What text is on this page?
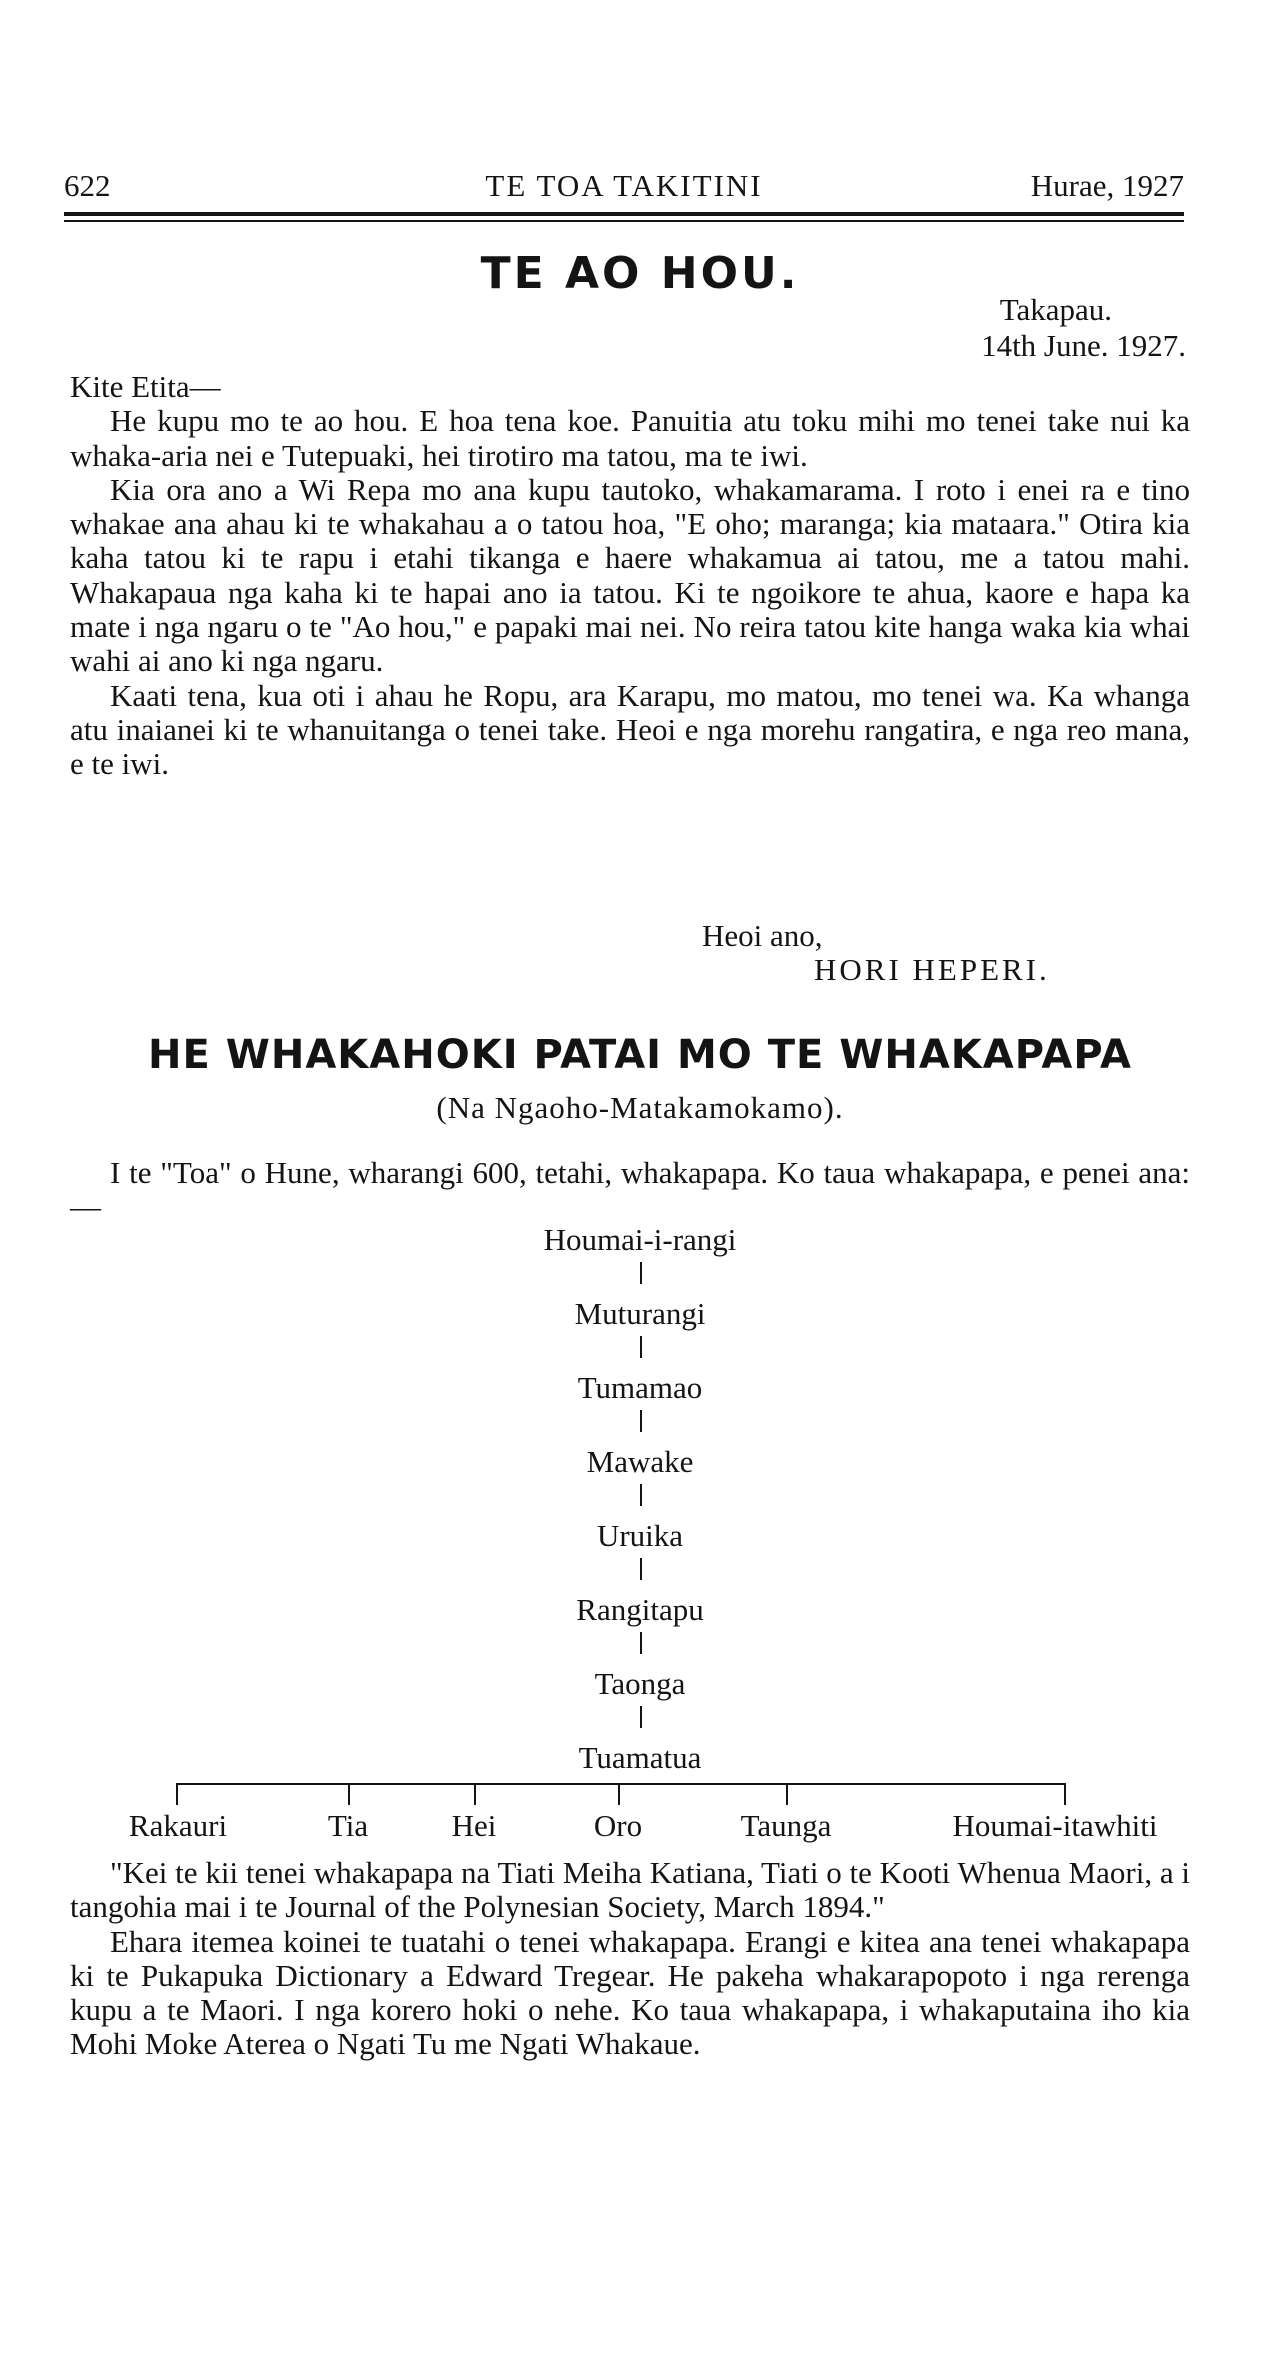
622	TE TOA TAKITINI	Hurae, 1927
TE AO HOU.
Takapau.
14th June. 1927.

Kite Etita—

He kupu mo te ao hou. E hoa tena koe. Panuitia atu toku mihi mo tenei take nui ka whaka-aria nei e Tutepuaki, hei tirotiro ma tatou, ma te iwi.

Kia ora ano a Wi Repa mo ana kupu tautoko, whakamarama. I roto i enei ra e tino whakae ana ahau ki te whakahau a o tatou hoa, "E oho; maranga; kia mataara." Otira kia kaha tatou ki te rapu i etahi tikanga e haere whakamua ai tatou, me a tatou mahi. Whakapaua nga kaha ki te hapai ano ia tatou. Ki te ngoikore te ahua, kaore e hapa ka mate i nga ngaru o te "Ao hou," e papaki mai nei. No reira tatou kite hanga waka kia whai wahi ai ano ki nga ngaru.

Kaati tena, kua oti i ahau he Ropu, ara Karapu, mo matou, mo tenei wa. Ka whanga atu inaianei ki te whanuitanga o tenei take. Heoi e nga morehu rangatira, e nga reo mana, e te iwi.

Heoi ano,
HORI HEPERI.
HE WHAKAHOKI PATAI MO TE WHAKAPAPA
(Na Ngaoho-Matakamokamo).

I te "Toa" o Hune, wharangi 600, tetahi, whakapapa. Ko taua whakapapa, e penei ana:—

Houmai-i-rangi
Muturangi
Tumamao
Mawake
Uruika
Rangitapu
Taonga
Tuamatua
Rakauri	Tia	Hei	Oro	Taunga	Houmai-itawhiti

"Kei te kii tenei whakapapa na Tiati Meiha Katiana, Tiati o te Kooti Whenua Maori, a i tangohia mai i te Journal of the Polynesian Society, March 1894."

Ehara itemea koinei te tuatahi o tenei whakapapa. Erangi e kitea ana tenei whakapapa ki te Pukapuka Dictionary a Edward Tregear. He pakeha whakarapopoto i nga rerenga kupu a te Maori. I nga korero hoki o nehe. Ko taua whakapapa, i whakaputaina iho kia Mohi Moke Aterea o Ngati Tu me Ngati Whakaue.
